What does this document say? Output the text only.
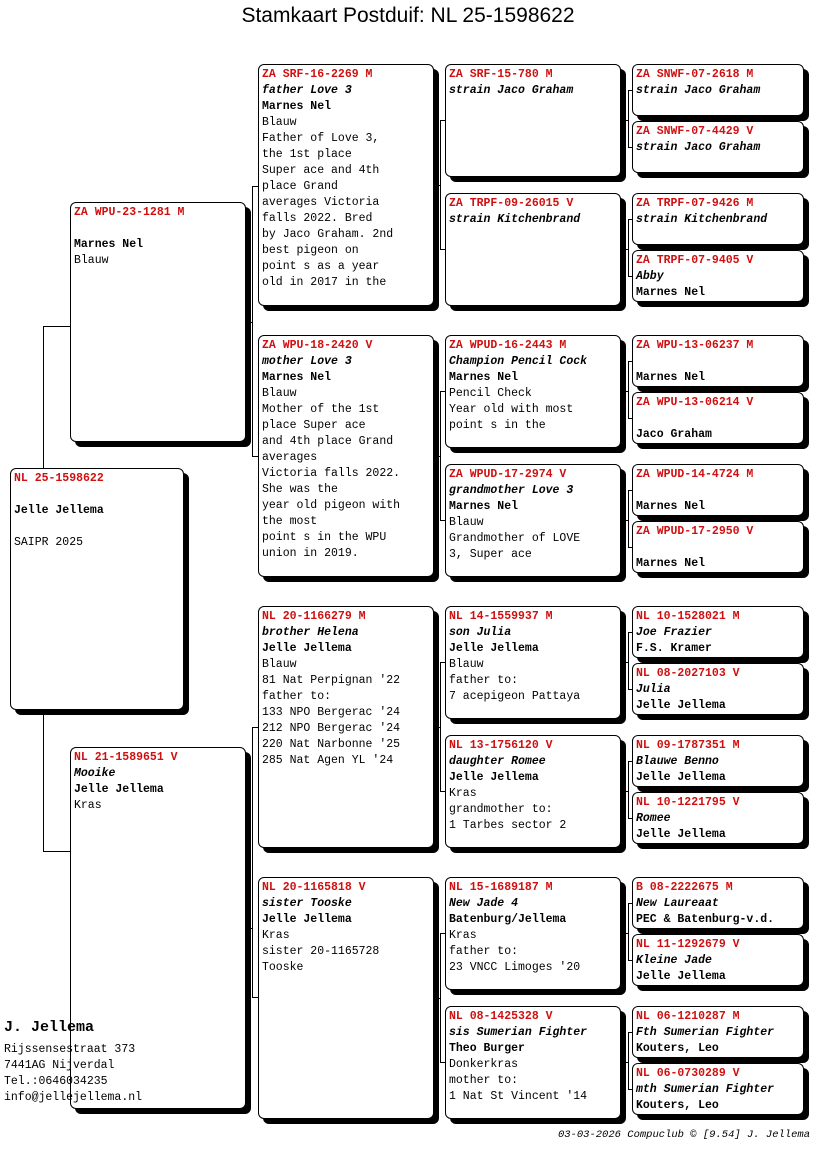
Stamkaart Postduif: NL 25-1598622
NL 25-1598622
Jelle Jellema
SAIPR 2025
ZA WPU-23-1281 M
Marnes Nel
Blauw
NL 21-1589651 V
Mooike
Jelle Jellema
Kras
ZA SRF-16-2269 M
father Love 3
Marnes Nel
Blauw
Father of Love 3,
the 1st place
Super ace and 4th
place Grand
averages Victoria
falls 2022. Bred
by Jaco Graham. 2nd
best pigeon on
point s as a year
old in 2017 in the
ZA WPU-18-2420 V
mother Love 3
Marnes Nel
Blauw
Mother of the 1st
place Super ace
and 4th place Grand
averages
Victoria falls 2022.
She was the
year old pigeon with
the most
point s in the WPU
union in 2019.
NL 20-1166279 M
brother Helena
Jelle Jellema
Blauw
81 Nat Perpignan '22
father to:
133 NPO Bergerac '24
212 NPO Bergerac '24
220 Nat Narbonne '25
285 Nat Agen YL '24
NL 20-1165818 V
sister Tooske
Jelle Jellema
Kras
sister 20-1165728
Tooske
ZA SRF-15-780 M
strain Jaco Graham
ZA TRPF-09-26015 V
strain Kitchenbrand
ZA WPUD-16-2443 M
Champion Pencil Cock
Marnes Nel
Pencil Check
Year old with most
point s in the
ZA WPUD-17-2974 V
grandmother Love 3
Marnes Nel
Blauw
Grandmother of LOVE
3, Super ace
NL 14-1559937 M
son Julia
Jelle Jellema
Blauw
father to:
7 acepigeon Pattaya
NL 13-1756120 V
daughter Romee
Jelle Jellema
Kras
grandmother to:
1 Tarbes sector 2
NL 15-1689187 M
New Jade 4
Batenburg/Jellema
Kras
father to:
23 VNCC Limoges '20
NL 08-1425328 V
sis Sumerian Fighter
Theo Burger
Donkerkras
mother to:
1 Nat St Vincent '14
ZA SNWF-07-2618 M
strain Jaco Graham
ZA SNWF-07-4429 V
strain Jaco Graham
ZA TRPF-07-9426 M
strain Kitchenbrand
ZA TRPF-07-9405 V
Abby
Marnes Nel
ZA WPU-13-06237 M
Marnes Nel
ZA WPU-13-06214 V
Jaco Graham
ZA WPUD-14-4724 M
Marnes Nel
ZA WPUD-17-2950 V
Marnes Nel
NL 10-1528021 M
Joe Frazier
F.S. Kramer
NL 08-2027103 V
Julia
Jelle Jellema
NL 09-1787351 M
Blauwe Benno
Jelle Jellema
NL 10-1221795 V
Romee
Jelle Jellema
B 08-2222675 M
New Laureaat
PEC & Batenburg-v.d.
NL 11-1292679 V
Kleine Jade
Jelle Jellema
NL 06-1210287 M
Fth Sumerian Fighter
Kouters, Leo
NL 06-0730289 V
mth Sumerian Fighter
Kouters, Leo
J. Jellema
Rijssensestraat 373
7441AG Nijverdal
Tel.:0646034235
info@jellejellema.nl
03-03-2026 Compuclub © [9.54] J. Jellema
